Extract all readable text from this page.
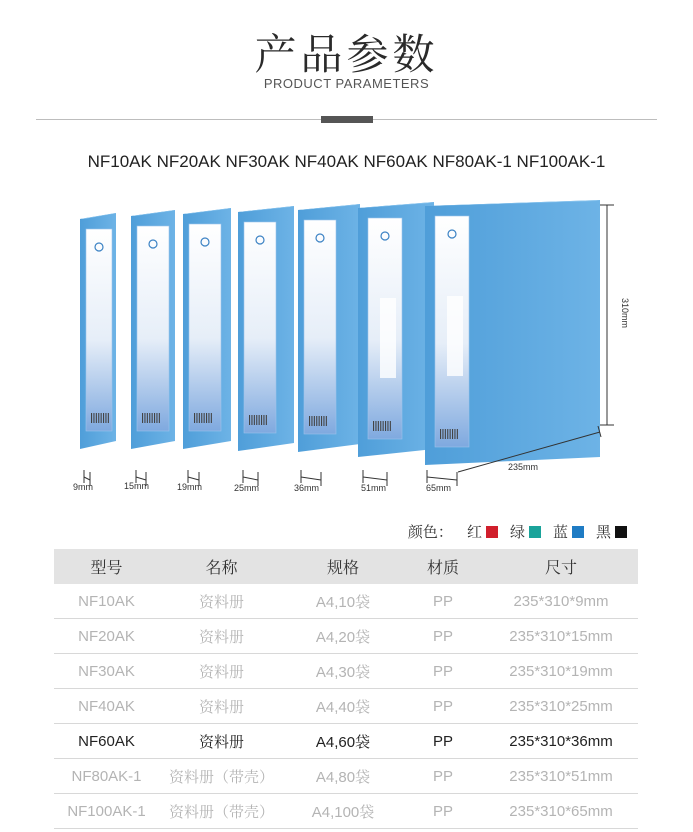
产品参数
PRODUCT PARAMETERS
NF10AK NF20AK NF30AK NF40AK NF60AK NF80AK-1 NF100AK-1
310mm
235mm
9mm	15mm	19mm	25mm	36mm	51mm	65mm
颜色： 红 绿 蓝 黑
型号	名称	规格	材质	尺寸
NF10AK	资料册	A4,10袋	PP	235*310*9mm
NF20AK	资料册	A4,20袋	PP	235*310*15mm
NF30AK	资料册	A4,30袋	PP	235*310*19mm
NF40AK	资料册	A4,40袋	PP	235*310*25mm
NF60AK	资料册	A4,60袋	PP	235*310*36mm
NF80AK-1	资料册（带壳）	A4,80袋	PP	235*310*51mm
NF100AK-1	资料册（带壳）	A4,100袋	PP	235*310*65mm
